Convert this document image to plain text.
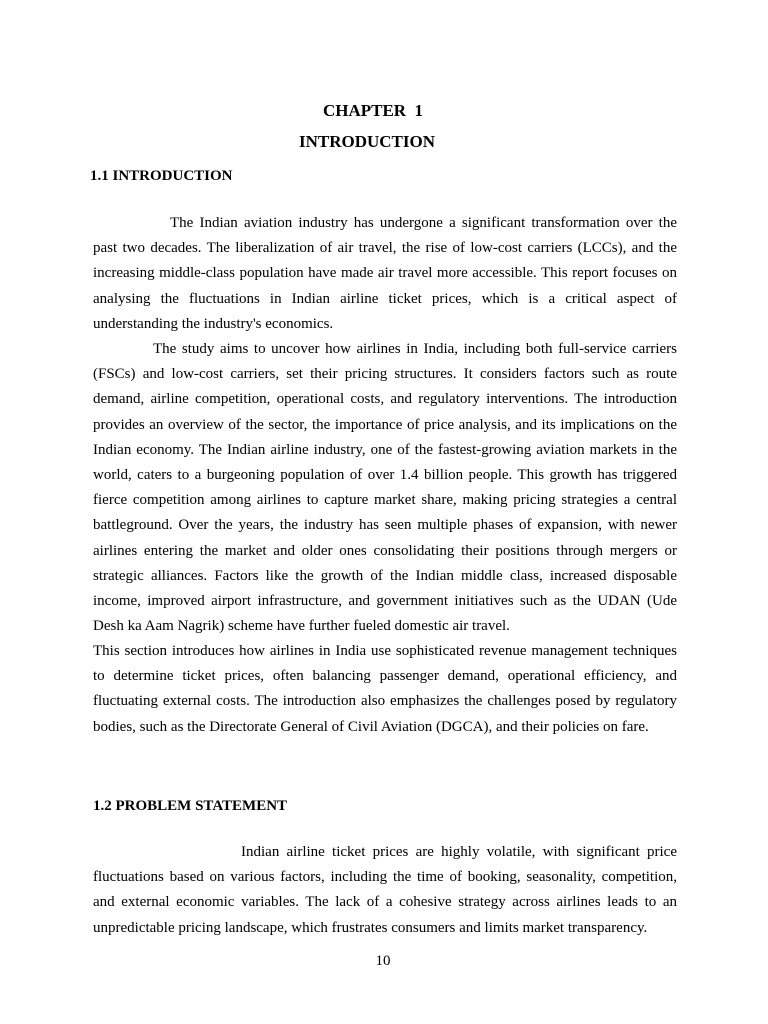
CHAPTER  1
INTRODUCTION
1.1 INTRODUCTION

The Indian aviation industry has undergone a significant transformation over the past two decades. The liberalization of air travel, the rise of low-cost carriers (LCCs), and the increasing middle-class population have made air travel more accessible. This report focuses on analysing the fluctuations in Indian airline ticket prices, which is a critical aspect of understanding the industry's economics.

The study aims to uncover how airlines in India, including both full-service carriers (FSCs) and low-cost carriers, set their pricing structures. It considers factors such as route demand, airline competition, operational costs, and regulatory interventions. The introduction provides an overview of the sector, the importance of price analysis, and its implications on the Indian economy. The Indian airline industry, one of the fastest-growing aviation markets in the world, caters to a burgeoning population of over 1.4 billion people. This growth has triggered fierce competition among airlines to capture market share, making pricing strategies a central battleground. Over the years, the industry has seen multiple phases of expansion, with newer airlines entering the market and older ones consolidating their positions through mergers or strategic alliances. Factors like the growth of the Indian middle class, increased disposable income, improved airport infrastructure, and government initiatives such as the UDAN (Ude Desh ka Aam Nagrik) scheme have further fueled domestic air travel.

This section introduces how airlines in India use sophisticated revenue management techniques to determine ticket prices, often balancing passenger demand, operational efficiency, and fluctuating external costs. The introduction also emphasizes the challenges posed by regulatory bodies, such as the Directorate General of Civil Aviation (DGCA), and their policies on fare.

1.2 PROBLEM STATEMENT

Indian airline ticket prices are highly volatile, with significant price fluctuations based on various factors, including the time of booking, seasonality, competition, and external economic variables. The lack of a cohesive strategy across airlines leads to an unpredictable pricing landscape, which frustrates consumers and limits market transparency.

10
